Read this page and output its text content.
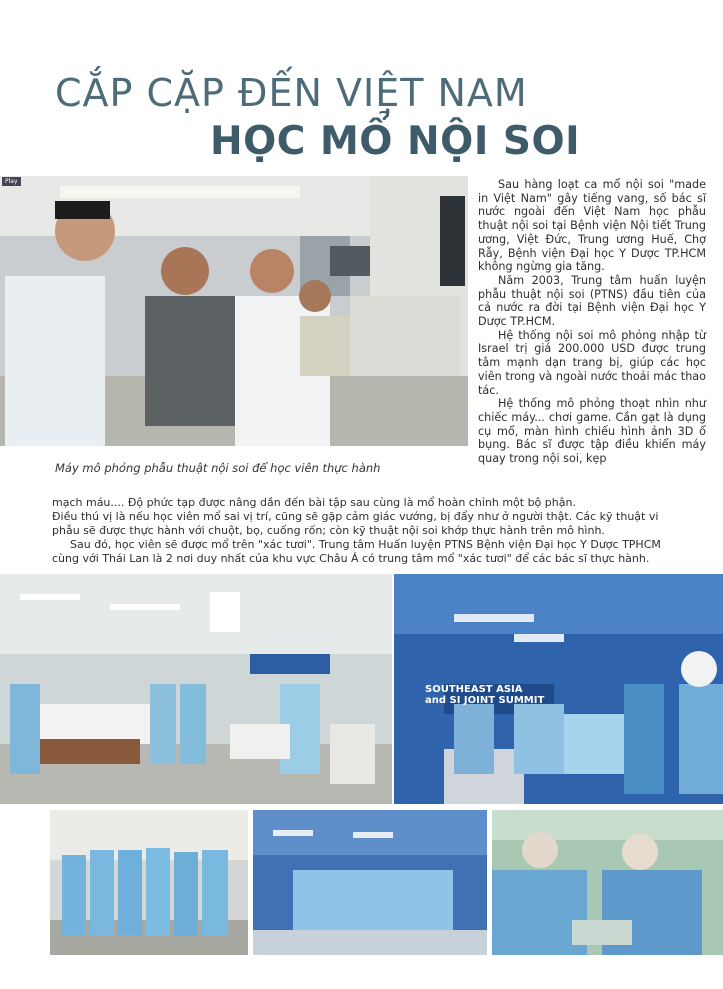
CẮP CẶP ĐẾN VIỆT NAM
HỌC MỔ NỘI SOI
Play
Máy mô phỏng phẫu thuật nội soi để học viên thực hành

Sau hàng loạt ca mổ nội soi "made in Việt Nam" gây tiếng vang, số bác sĩ nước ngoài đến Việt Nam học phẫu thuật nội soi tại Bệnh viện Nội tiết Trung ương, Việt Đức, Trung ương Huế, Chợ Rẫy, Bệnh viện Đại học Y Dược TP.HCM không ngừng gia tăng.

Năm 2003, Trung tâm huấn luyện phẫu thuật nội soi (PTNS) đầu tiên của cả nước ra đời tại Bệnh viện Đại học Y Dược TP.HCM.

Hệ thống nội soi mô phỏng nhập từ Israel trị giá 200.000 USD được trung tâm mạnh dạn trang bị, giúp các học viên trong và ngoài nước thoải mác thao tác.

Hệ thống mô phỏng thoạt nhìn như chiếc máy... chơi game. Cần gạt là dụng cụ mổ, màn hình chiếu hình ảnh 3D ổ bụng. Bác sĩ được tập điều khiển máy quay trong nội soi, kẹp

mạch máu.... Độ phức tạp được nâng dần đến bài tập sau cùng là mổ hoàn chỉnh một bộ phận.

Điều thú vị là nếu học viên mổ sai vị trí, cũng sẽ gặp cảm giác vướng, bị đẩy như ở người thật. Các kỹ thuật vi phẫu sẽ được thực hành với chuột, bọ, cuống rốn; còn kỹ thuật nội soi khớp thực hành trên mô hình.

Sau đó, học viên sẽ được mổ trên "xác tươi". Trung tâm Huấn luyện PTNS Bệnh viện Đại học Y Dược TPHCM cùng với Thái Lan là 2 nơi duy nhất của khu vực Châu Á có trung tâm mổ "xác tươi" để các bác sĩ thực hành.

SOUTHEAST ASIA
and SI JOINT SUMMIT
